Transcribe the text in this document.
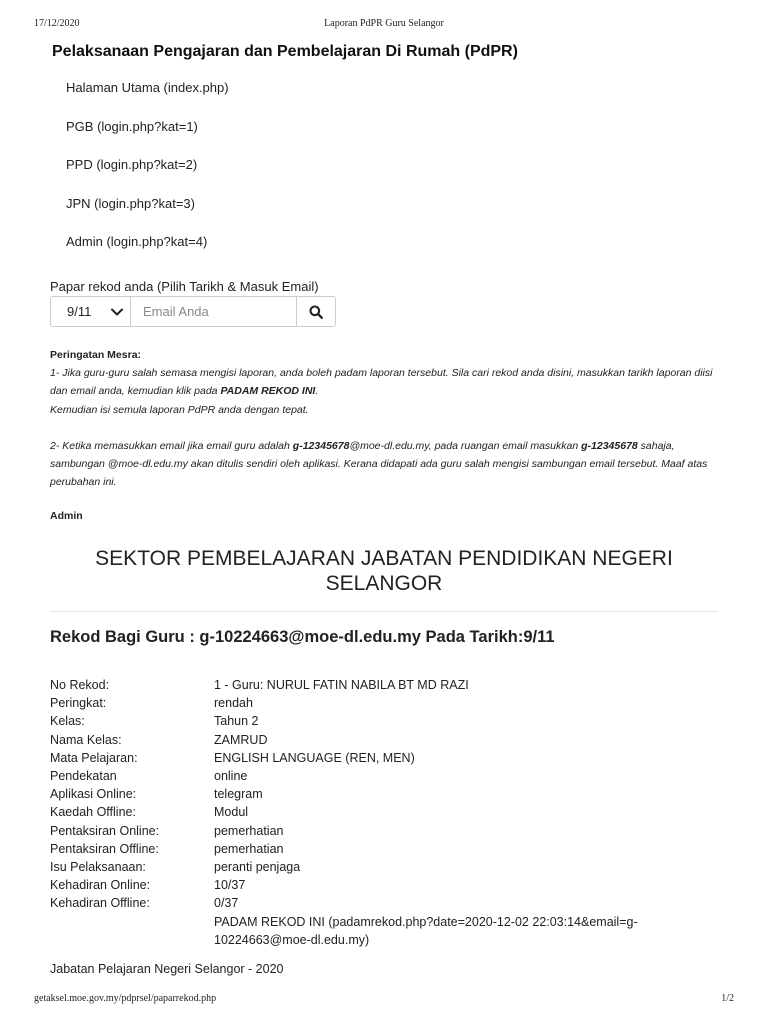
17/12/2020	Laporan PdPR Guru Selangor
Pelaksanaan Pengajaran dan Pembelajaran Di Rumah (PdPR)
Halaman Utama (index.php)
PGB (login.php?kat=1)
PPD (login.php?kat=2)
JPN (login.php?kat=3)
Admin (login.php?kat=4)
Papar rekod anda (Pilih Tarikh & Masuk Email)
9/11	Email Anda
Peringatan Mesra:
1- Jika guru-guru salah semasa mengisi laporan, anda boleh padam laporan tersebut. Sila cari rekod anda disini, masukkan tarikh laporan diisi dan email anda, kemudian klik pada PADAM REKOD INI.
Kemudian isi semula laporan PdPR anda dengan tepat.
2- Ketika memasukkan email jika email guru adalah g-12345678@moe-dl.edu.my, pada ruangan email masukkan g-12345678 sahaja, sambungan @moe-dl.edu.my akan ditulis sendiri oleh aplikasi. Kerana didapati ada guru salah mengisi sambungan email tersebut. Maaf atas perubahan ini.
Admin
SEKTOR PEMBELAJARAN JABATAN PENDIDIKAN NEGERI SELANGOR
Rekod Bagi Guru : g-10224663@moe-dl.edu.my Pada Tarikh:9/11
No Rekod:	1 - Guru: NURUL FATIN NABILA BT MD RAZI
Peringkat:	rendah
Kelas:	Tahun 2
Nama Kelas:	ZAMRUD
Mata Pelajaran:	ENGLISH LANGUAGE (REN, MEN)
Pendekatan	online
Aplikasi Online:	telegram
Kaedah Offline:	Modul
Pentaksiran Online:	pemerhatian
Pentaksiran Offline:	pemerhatian
Isu Pelaksanaan:	peranti penjaga
Kehadiran Online:	10/37
Kehadiran Offline:	0/37
PADAM REKOD INI (padamrekod.php?date=2020-12-02 22:03:14&email=g-10224663@moe-dl.edu.my)
Jabatan Pelajaran Negeri Selangor - 2020
getaksel.moe.gov.my/pdprsel/paparrekod.php	1/2
